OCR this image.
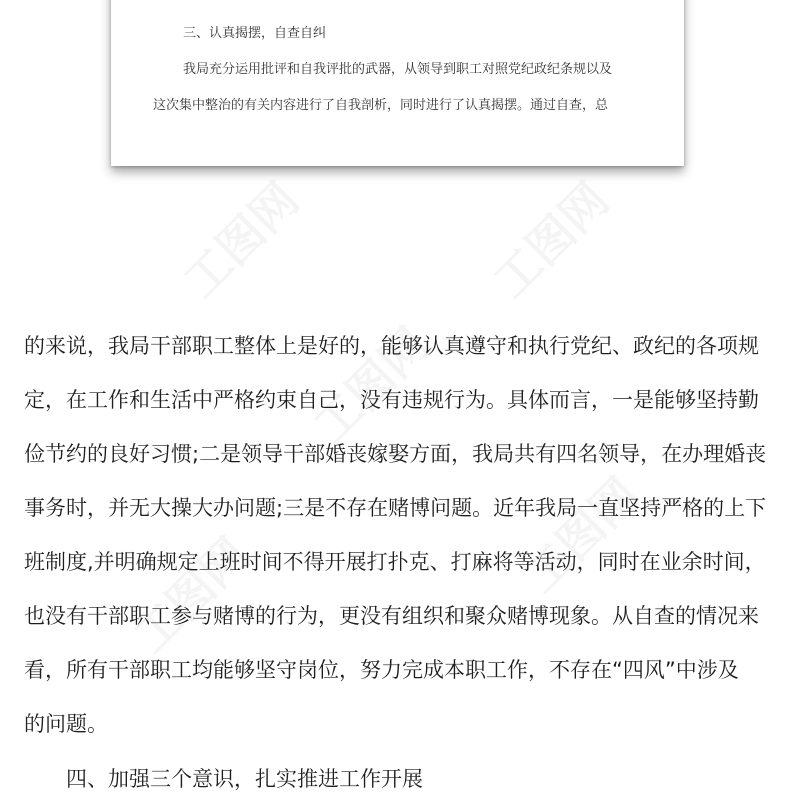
三、认真揭摆，自查自纠
我局充分运用批评和自我评批的武器，从领导到职工对照党纪政纪条规以及
这次集中整治的有关内容进行了自我剖析，同时进行了认真揭摆。通过自查，总
的来说，我局干部职工整体上是好的，能够认真遵守和执行党纪、政纪的各项规
定，在工作和生活中严格约束自己，没有违规行为。具体而言，一是能够坚持勤
俭节约的良好习惯;二是领导干部婚丧嫁娶方面，我局共有四名领导，在办理婚丧
事务时，并无大操大办问题;三是不存在赌博问题。近年我局一直坚持严格的上下
班制度,并明确规定上班时间不得开展打扑克、打麻将等活动，同时在业余时间，
也没有干部职工参与赌博的行为，更没有组织和聚众赌博现象。从自查的情况来
看，所有干部职工均能够坚守岗位，努力完成本职工作，不存在“四风”中涉及
的问题。
四、加强三个意识，扎实推进工作开展
